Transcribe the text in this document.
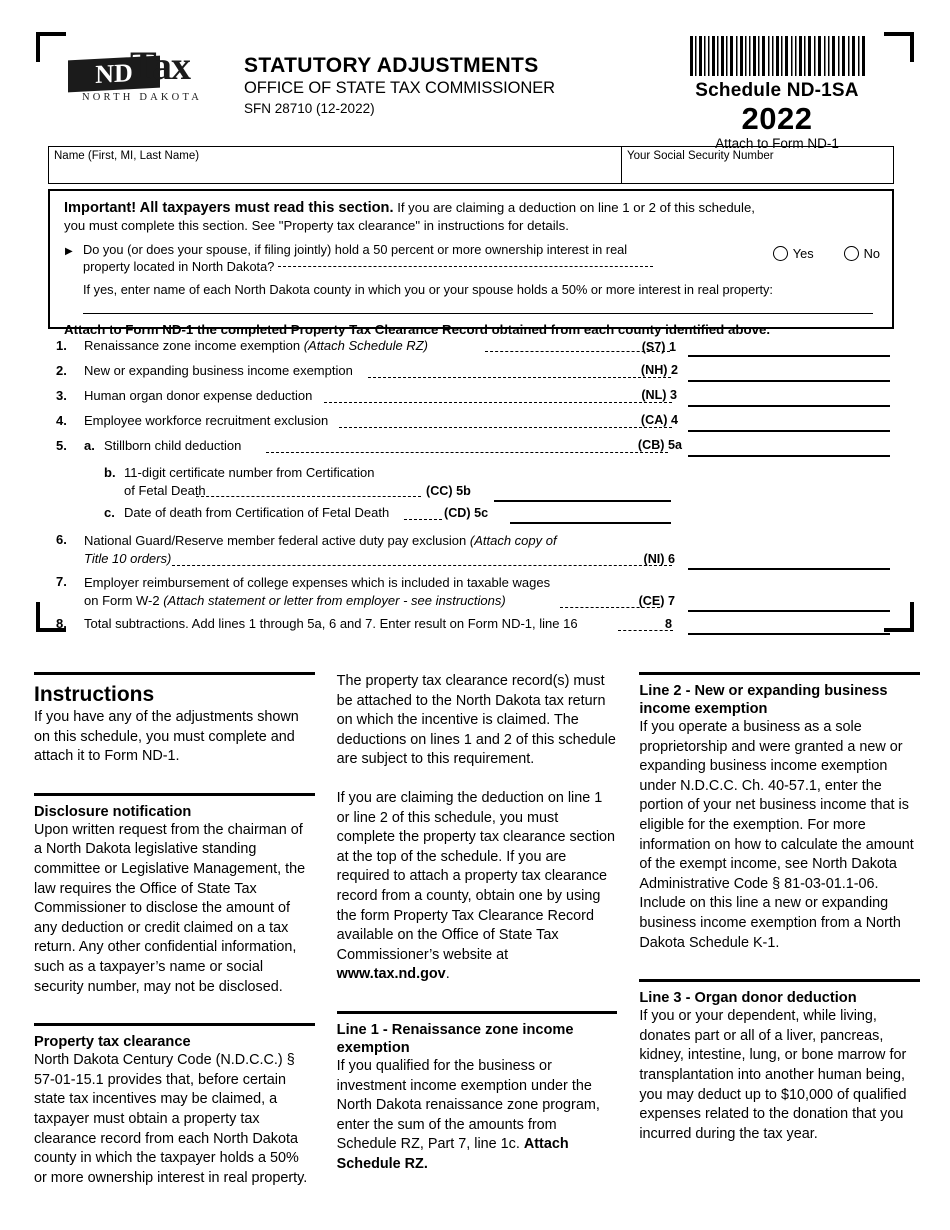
ND
Tax
NORTH DAKOTA
STATUTORY ADJUSTMENTS
OFFICE OF STATE TAX COMMISSIONER
SFN 28710 (12-2022)
Schedule ND-1SA
2022
Attach to Form ND-1
Name (First, MI, Last Name)	Your Social Security Number
Important! All taxpayers must read this section. If you are claiming a deduction on line 1 or 2 of this schedule,
you must complete this section. See "Property tax clearance" in instructions for details.
▶ Do you (or does your spouse, if filing jointly) hold a 50 percent or more ownership interest in real
property located in North Dakota?
Yes	No
If yes, enter name of each North Dakota county in which you or your spouse holds a 50% or more interest in real property:
Attach to Form ND-1 the completed Property Tax Clearance Record obtained from each county identified above.
1. Renaissance zone income exemption (Attach Schedule RZ)	(S7) 1
2. New or expanding business income exemption	(NH) 2
3. Human organ donor expense deduction	(NL) 3
4. Employee workforce recruitment exclusion	(CA) 4
5. a. Stillborn child deduction	(CB) 5a
b. 11-digit certificate number from Certification
of Fetal Death	(CC) 5b
c. Date of death from Certification of Fetal Death	(CD) 5c
6. National Guard/Reserve member federal active duty pay exclusion (Attach copy of
Title 10 orders)	(NI) 6
7. Employer reimbursement of college expenses which is included in taxable wages
on Form W-2 (Attach statement or letter from employer - see instructions)	(CE) 7
8. Total subtractions. Add lines 1 through 5a, 6 and 7. Enter result on Form ND-1, line 16	8
Instructions
If you have any of the adjustments shown on this schedule, you must complete and attach it to Form ND-1.
Disclosure notification
Upon written request from the chairman of a North Dakota legislative standing committee or Legislative Management, the law requires the Office of State Tax Commissioner to disclose the amount of any deduction or credit claimed on a tax return. Any other confidential information, such as a taxpayer’s name or social security number, may not be disclosed.
Property tax clearance
North Dakota Century Code (N.D.C.C.) § 57-01-15.1 provides that, before certain state tax incentives may be claimed, a taxpayer must obtain a property tax clearance record from each North Dakota county in which the taxpayer holds a 50% or more ownership interest in real property.
The property tax clearance record(s) must be attached to the North Dakota tax return on which the incentive is claimed. The deductions on lines 1 and 2 of this schedule are subject to this requirement.
If you are claiming the deduction on line 1 or line 2 of this schedule, you must complete the property tax clearance section at the top of the schedule. If you are required to attach a property tax clearance record from a county, obtain one by using the form Property Tax Clearance Record available on the Office of State Tax Commissioner’s website at www.tax.nd.gov.
Line 1 - Renaissance zone income exemption
If you qualified for the business or investment income exemption under the North Dakota renaissance zone program, enter the sum of the amounts from Schedule RZ, Part 7, line 1c. Attach Schedule RZ.
Line 2 - New or expanding business income exemption
If you operate a business as a sole proprietorship and were granted a new or expanding business income exemption under N.D.C.C. Ch. 40-57.1, enter the portion of your net business income that is eligible for the exemption. For more information on how to calculate the amount of the exempt income, see North Dakota Administrative Code § 81-03-01.1-06. Include on this line a new or expanding business income exemption from a North Dakota Schedule K-1.
Line 3 - Organ donor deduction
If you or your dependent, while living, donates part or all of a liver, pancreas, kidney, intestine, lung, or bone marrow for transplantation into another human being, you may deduct up to $10,000 of qualified expenses related to the donation that you incurred during the tax year.
